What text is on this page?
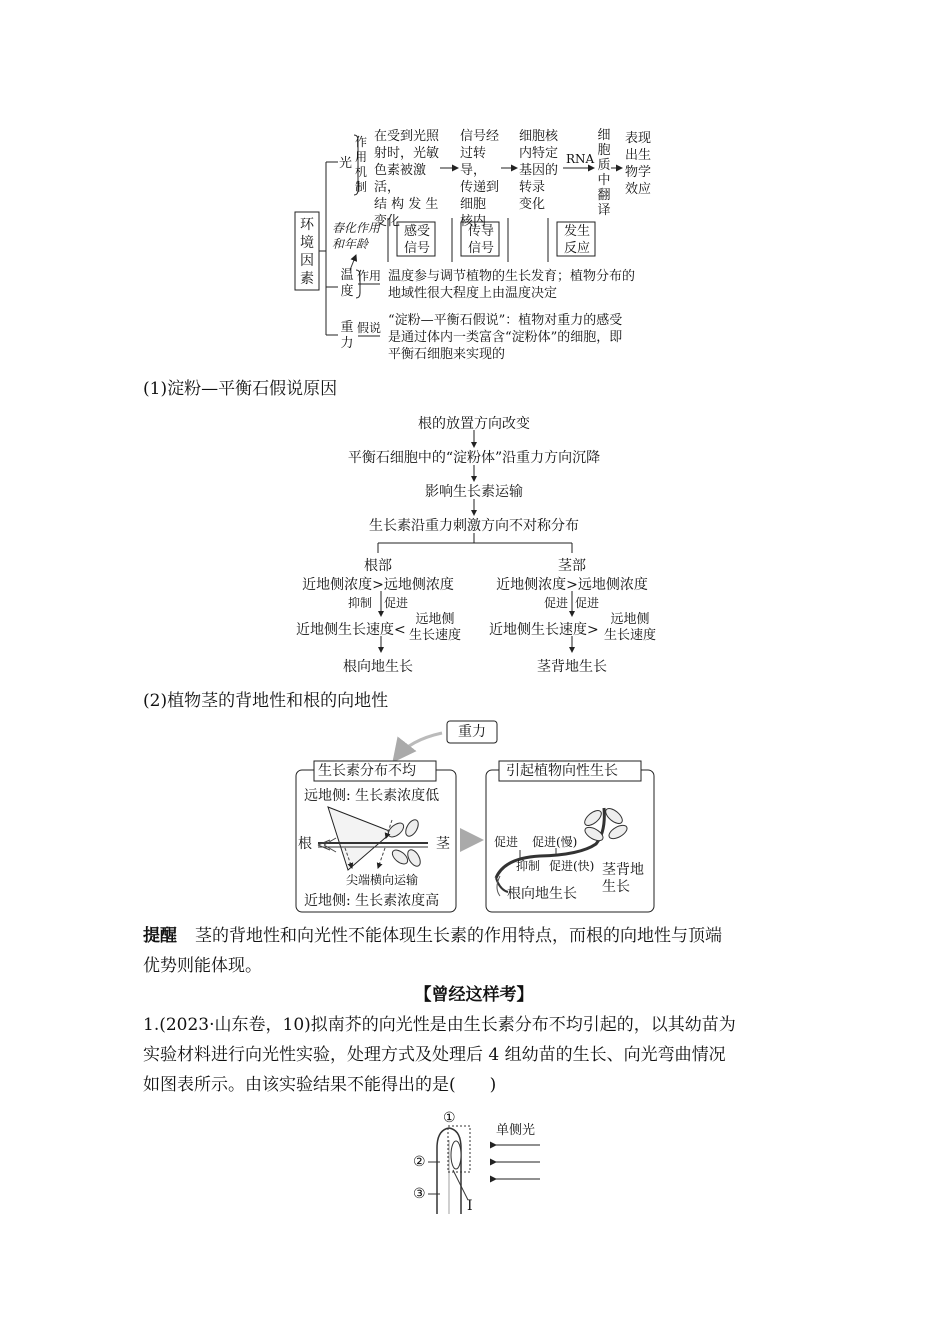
环境因素
光
作用机制
在受到光照
射时，光敏
色素被激活，
结 构 发 生
变化
信号经
过转导，
传递到
细胞
核内
细胞核
内特定
基因的
转录
变化
RNA
细胞质中翻译
表现
出生
物学
效应
感受
信号
传导
信号
发生
反应
春化作用
和年龄
温度
作用 温度参与调节植物的生长发育；植物分布的
地域性很大程度上由温度决定
重力
假说 “淀粉—平衡石假说”：植物对重力的感受
是通过体内一类富含“淀粉体”的细胞，即
平衡石细胞来实现的
(1)淀粉—平衡石假说原因
根的放置方向改变
平衡石细胞中的“淀粉体”沿重力方向沉降
影响生长素运输
生长素沿重力刺激方向不对称分布
根部
近地侧浓度>远地侧浓度
抑制 促进
近地侧生长速度<
远地侧
生长速度
根向地生长
茎部
近地侧浓度>远地侧浓度
促进 促进
近地侧生长速度>
远地侧
生长速度
茎背地生长
(2)植物茎的背地性和根的向地性
重力
生长素分布不均
远地侧: 生长素浓度低
根	茎
尖端横向运输
近地侧: 生长素浓度高
引起植物向性生长
促进 促进(慢)
抑制 促进(快) 茎背地
生长
根向地生长
提醒 茎的背地性和向光性不能体现生长素的作用特点，而根的向地性与顶端
优势则能体现。
【曾经这样考】
1.(2023·山东卷，10)拟南芥的向光性是由生长素分布不均引起的，以其幼苗为
实验材料进行向光性实验，处理方式及处理后 4 组幼苗的生长、向光弯曲情况
如图表所示。由该实验结果不能得出的是(　　)
①
②
③
Ⅰ
单侧光
